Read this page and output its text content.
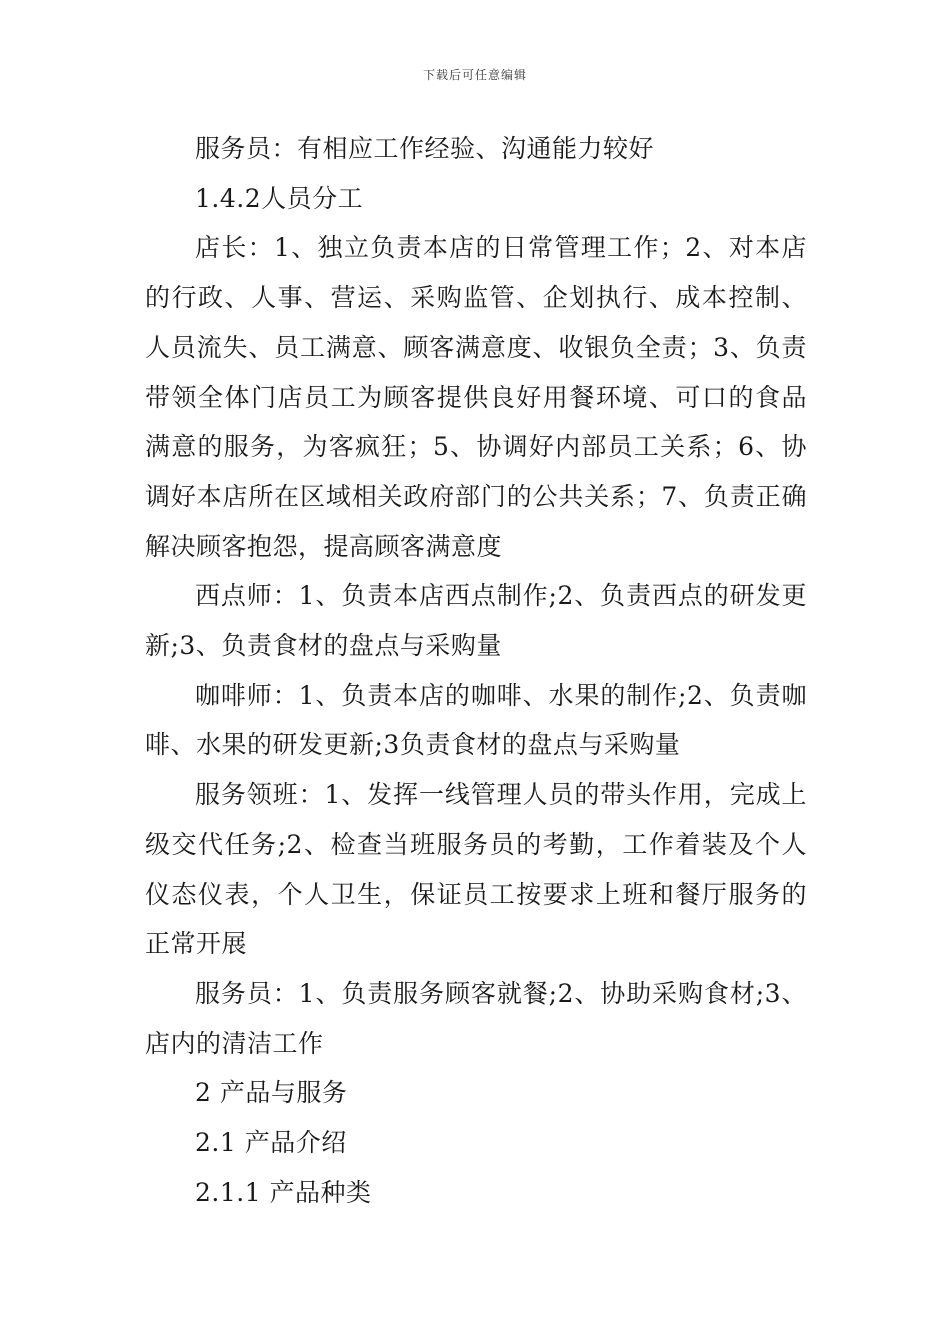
下载后可任意编辑

服务员：有相应工作经验、沟通能力较好

1.4.2人员分工

店长：1、独立负责本店的日常管理工作；2、对本店的行政、人事、营运、采购监管、企划执行、成本控制、人员流失、员工满意、顾客满意度、收银负全责；3、负责带领全体门店员工为顾客提供良好用餐环境、可口的食品满意的服务，为客疯狂；5、协调好内部员工关系；6、协调好本店所在区域相关政府部门的公共关系；7、负责正确解决顾客抱怨，提高顾客满意度

西点师：1、负责本店西点制作;2、负责西点的研发更新;3、负责食材的盘点与采购量

咖啡师：1、负责本店的咖啡、水果的制作;2、负责咖啡、水果的研发更新;3负责食材的盘点与采购量

服务领班：1、发挥一线管理人员的带头作用，完成上级交代任务;2、检查当班服务员的考勤，工作着装及个人仪态仪表，个人卫生，保证员工按要求上班和餐厅服务的正常开展

服务员：1、负责服务顾客就餐;2、协助采购食材;3、店内的清洁工作

2 产品与服务

2.1 产品介绍

2.1.1 产品种类
